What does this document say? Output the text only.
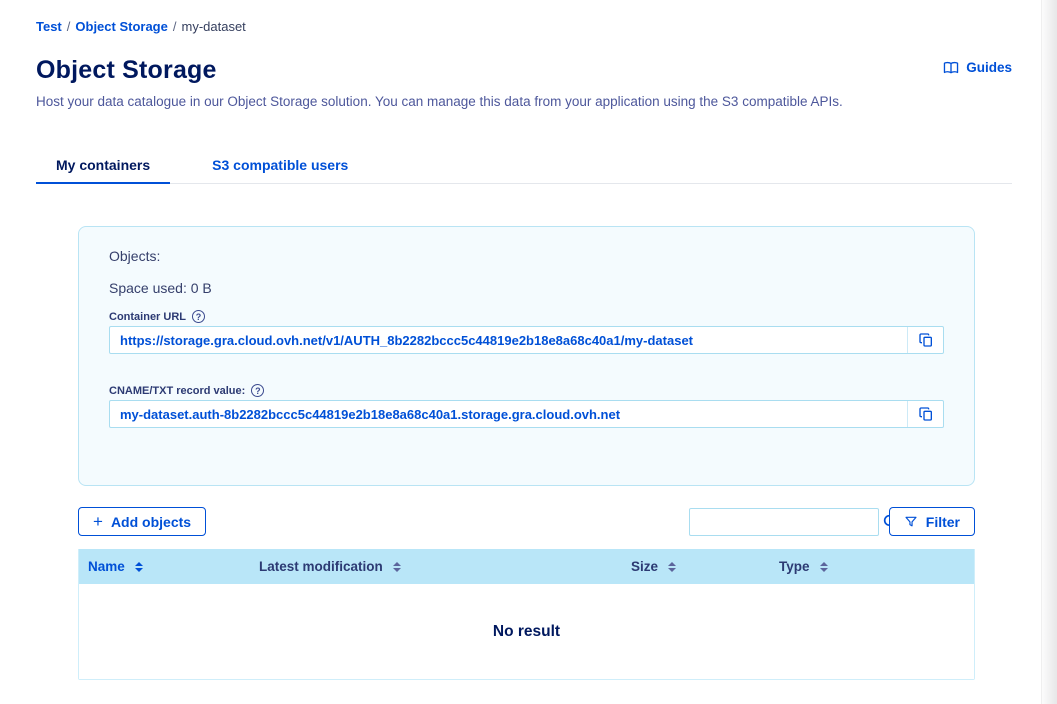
Test / Object Storage / my-dataset
Object Storage	Guides

Host your data catalogue in our Object Storage solution. You can manage this data from your application using the S3 compatible APIs.

My containers	S3 compatible users
Objects:
Space used: 0 B
Container URL	?
https://storage.gra.cloud.ovh.net/v1/AUTH_8b2282bccc5c44819e2b18e8a68c40a1/my-dataset
CNAME/TXT record value:	?
my-dataset.auth-8b2282bccc5c44819e2b18e8a68c40a1.storage.gra.cloud.ovh.net
+ Add objects	Filter
Name	Latest modification	Size	Type
No result
